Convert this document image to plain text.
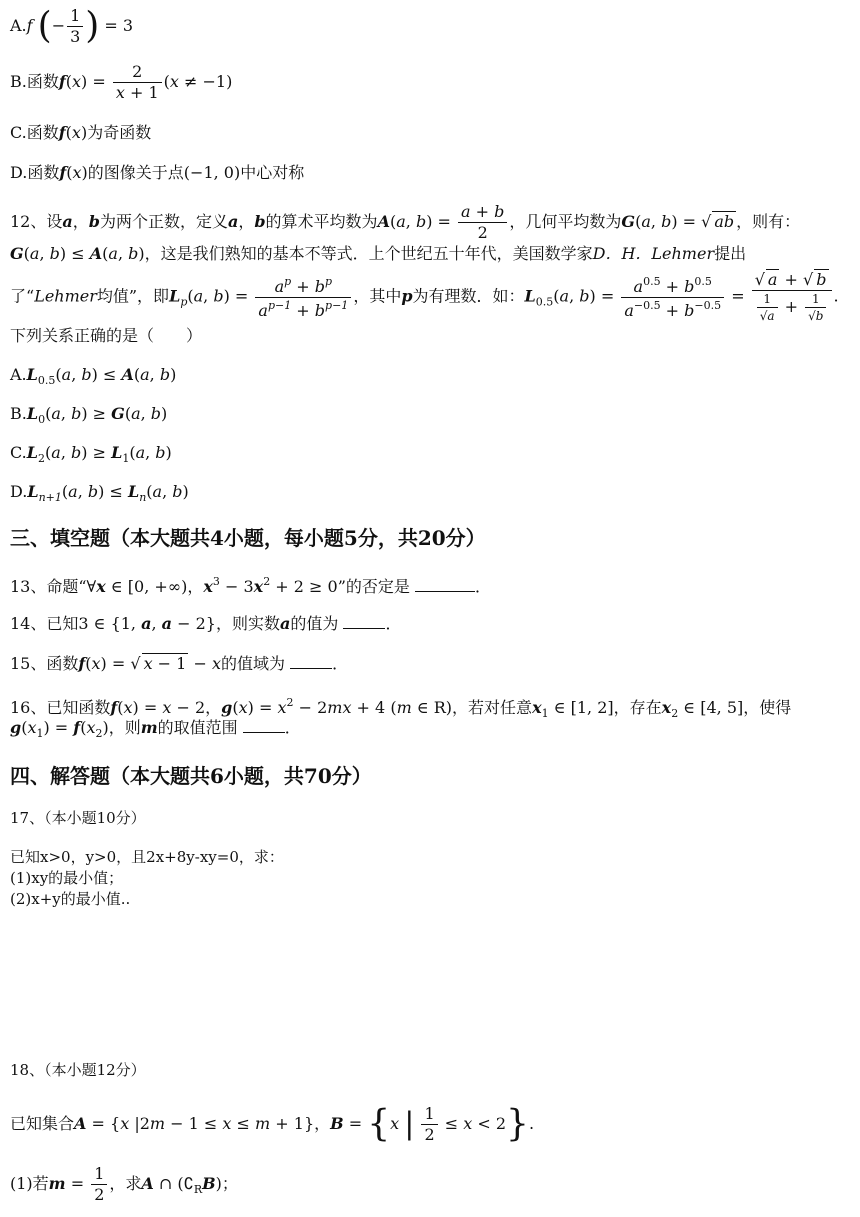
A.f (− $\frac{1}{3}$ ) = 3
B.函数$f(x) = \frac{2}{x + 1} (x \ne -1)$
C.函数f(x)为奇函数
D.函数f(x)的图像关于点(−1, 0)中心对称
12、设a，b为两个正数，定义a，b的算术平均数为A(a, $b) = \frac{a + b}{2}$ ，几何平均数为G(a, b) = √ ab ，则有：
G(a, b) ≤ A(a, b)，这是我们熟知的基本不等式．上个世纪五十年代，美国数学家D．H．Lehmer提出
了“Lehmer均值”，即$L_p(a$, $b) = \frac{a^p + b^p}{a^{p-1} + b^{p-1}}$ ，其中p为有理数．如：$L_{0.5}(a$, $b) = \frac{a^{0.5} + b^{0.5}}{a^{-0.5} + b^{-0.5}} = \frac{√ a + √ b}{\frac{1}{√a} + \frac{1}{√b}}$ .
下列关系正确的是（　　）
$A.L_{0.5}(a$, b) ≤ A(a, b)
$B.L_0(a$, b) ≥ G(a, b)
$C.L_2(a$, $b) \ge L_1(a$, b)
$D.L_{n+1}(a$, $b) \le L_n(a$, b)
三、填空题（本大题共4小题，每小题5分，共20分）
13、命题“∀x ∈ [0, +∞)，$x^3 - 3x^2 + 2 \ge 0$”的否定是	．
14、已知3 ∈ {1, a, a − 2}，则实数a的值为	．
15、函数f(x) = √ x − 1 − x的值域为	．
16、已知函数f(x) = x − 2，$g(x) = x^2 - 2mx + 4$ (m ∈ R)，若对任意$x_1$ ∈ [1, 2]，存在$x_2$ ∈ [4, 5]，使得
$g(x_1) = f(x_2)$，则m的取值范围	．
四、解答题（本大题共6小题，共70分）
17、（本小题10分）
已知x>0，y>0，且2x+8y-xy=0，求：
(1)xy的最小值；
(2)x+y的最小值..
18、（本小题12分）
已知集合A = {x |2m − 1 ≤ x ≤ m + 1}，B = {x | $\frac{1}{2} \le x < 2$}.
(1)若$m = \frac{1}{2}$ ，求A ∩ $(∁_RB)$；
